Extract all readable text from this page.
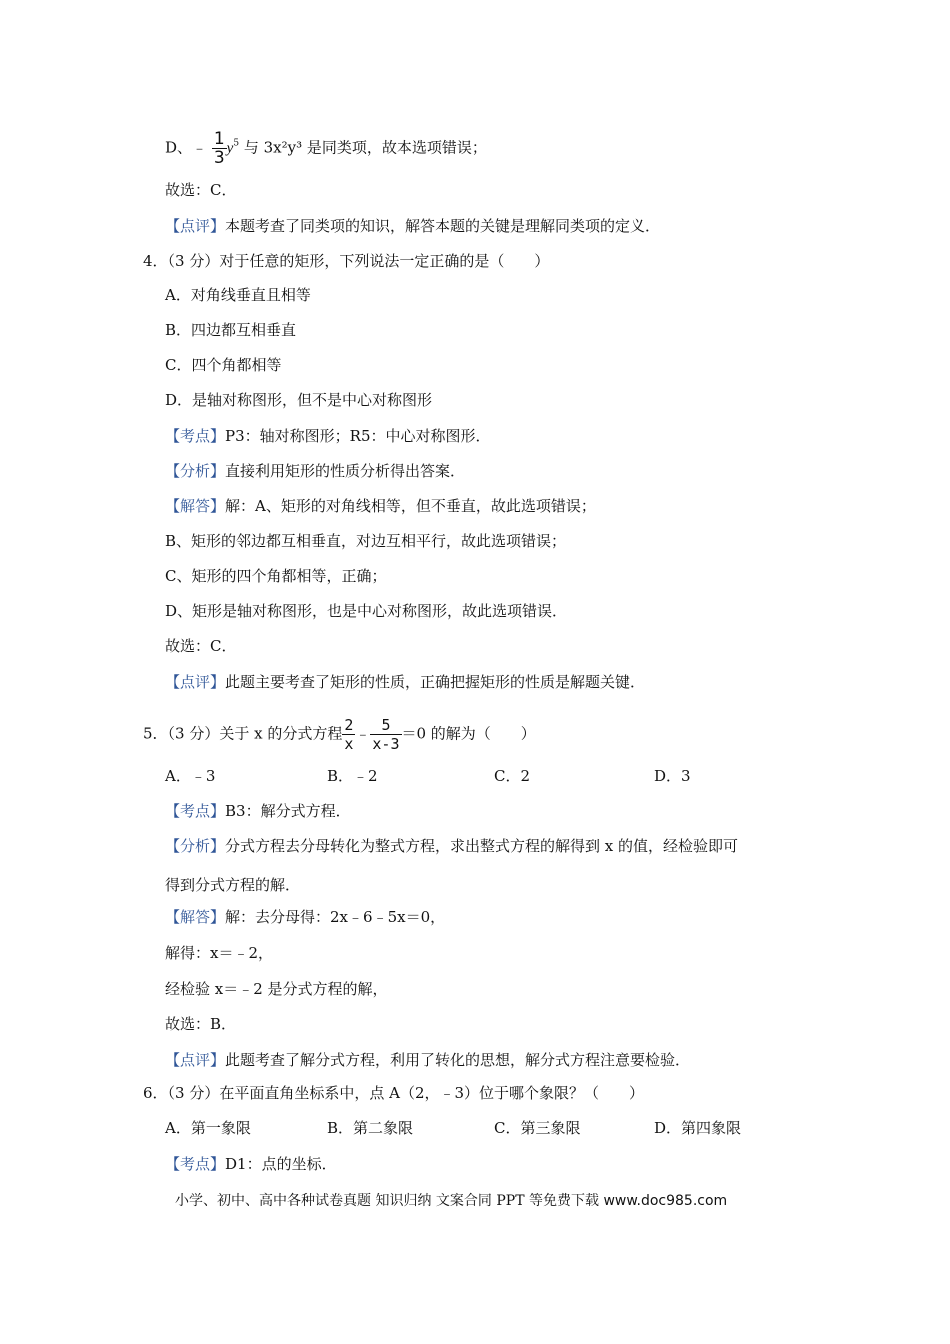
D、﹣ $\frac{1}{3} y^5$ 与 3x²y³ 是同类项，故本选项错误；
故选：C．
【点评】本题考查了同类项的知识，解答本题的关键是理解同类项的定义．
4．（3 分）对于任意的矩形，下列说法一定正确的是（　　）
A．对角线垂直且相等
B．四边都互相垂直
C．四个角都相等
D．是轴对称图形，但不是中心对称图形
【考点】P3：轴对称图形；R5：中心对称图形．
【分析】直接利用矩形的性质分析得出答案．
【解答】解：A、矩形的对角线相等，但不垂直，故此选项错误；
B、矩形的邻边都互相垂直，对边互相平行，故此选项错误；
C、矩形的四个角都相等，正确；
D、矩形是轴对称图形，也是中心对称图形，故此选项错误．
故选：C．
【点评】此题主要考查了矩形的性质，正确把握矩形的性质是解题关键．
5．（3 分）关于 x 的分式方程 $\frac{2}{x}$ ﹣ $\frac{5}{x-3} =0$ 的解为（　　）
A．﹣3	B．﹣2	C．2	D．3
【考点】B3：解分式方程．
【分析】分式方程去分母转化为整式方程，求出整式方程的解得到 x 的值，经检验即可
得到分式方程的解．
【解答】解：去分母得：2x﹣6﹣5x＝0，
解得：x＝﹣2，
经检验 x＝﹣2 是分式方程的解，
故选：B．
【点评】此题考查了解分式方程，利用了转化的思想，解分式方程注意要检验．
6．（3 分）在平面直角坐标系中，点 A（2，﹣3）位于哪个象限？（　　）
A．第一象限	B．第二象限	C．第三象限	D．第四象限
【考点】D1：点的坐标．
小学、初中、高中各种试卷真题 知识归纳 文案合同 PPT 等免费下载 www.doc985.com
